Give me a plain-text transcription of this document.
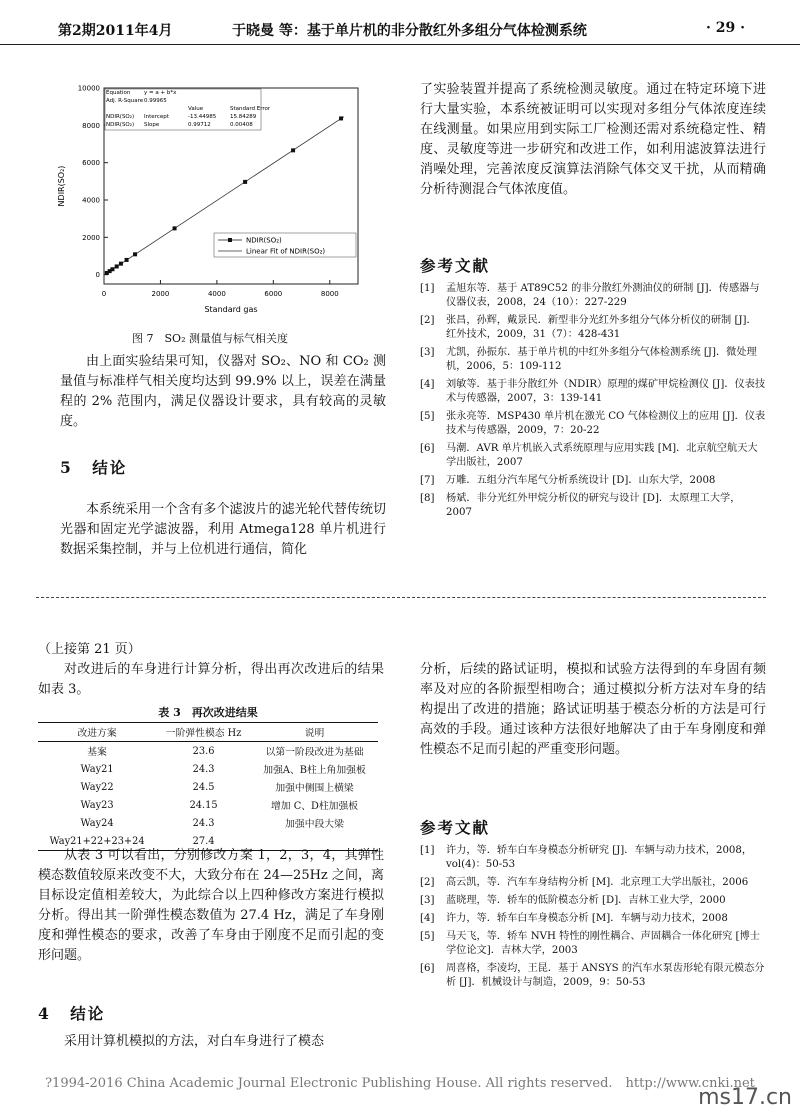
第2期2011年4月	于晓曼 等：基于单片机的非分散红外多组分气体检测系统	· 29 ·
0	2000	4000	6000	8000
0
2000
4000
6000
8000
10000
Standard gas
NDIR(SO₂)
Equation y = a + b*x
Adj. R-Square 0.99965
Value	Standard Error
NDIR(SO₂) Intercept	-13.44985	15.84289
NDIR(SO₂) Slope	0.99712	0.00408
NDIR(SO₂)
Linear Fit of NDIR(SO₂)
图 7　SO₂ 测量值与标气相关度

由上面实验结果可知，仪器对 SO₂、NO 和 CO₂ 测量值与标准样气相关度均达到 99.9% 以上，误差在满量程的 2% 范围内，满足仪器设计要求，具有较高的灵敏度。

5 结论

本系统采用一个含有多个滤波片的滤光轮代替传统切光器和固定光学滤波器，利用 Atmega128 单片机进行数据采集控制，并与上位机进行通信，简化

了实验装置并提高了系统检测灵敏度。通过在特定环境下进行大量实验，本系统被证明可以实现对多组分气体浓度连续在线测量。如果应用到实际工厂检测还需对系统稳定性、精度、灵敏度等进一步研究和改进工作，如利用滤波算法进行消噪处理，完善浓度反演算法消除气体交叉干扰，从而精确分析待测混合气体浓度值。

参考文献
[1] 孟旭东等．基于 AT89C52 的非分散红外测油仪的研制 [J]．传感器与仪器仪表，2008，24（10）：227-229
[2] 张昌，孙辉，戴景民．新型非分光红外多组分气体分析仪的研制 [J]．红外技术，2009，31（7）：428-431
[3] 尤凯，孙振东．基于单片机的中红外多组分气体检测系统 [J]．微处理机，2006，5：109-112
[4] 刘敏等．基于非分散红外（NDIR）原理的煤矿甲烷检测仪 [J]．仪表技术与传感器，2007，3：139-141
[5] 张永亮等．MSP430 单片机在激光 CO 气体检测仪上的应用 [J]．仪表技术与传感器，2009，7：20-22
[6] 马潮．AVR 单片机嵌入式系统原理与应用实践 [M]．北京航空航天大学出版社，2007
[7] 万雕．五组分汽车尾气分析系统设计 [D]．山东大学，2008
[8] 杨斌．非分光红外甲烷分析仪的研究与设计 [D]．太原理工大学，2007
（上接第 21 页）

对改进后的车身进行计算分析，得出再次改进后的结果如表 3。

表 3　再次改进结果
改进方案	一阶弹性模态 Hz	说明
基案	23.6	以第一阶段改进为基础
Way21	24.3	加强A、B柱上角加强板
Way22	24.5	加强中侧围上横梁
Way23	24.15	增加 C、D柱加强板
Way24	24.3	加强中段大梁
Way21+22+23+24	27.4	

从表 3 可以看出，分别修改方案 1，2，3，4，其弹性模态数值较原来改变不大，大致分布在 24—25Hz 之间，离目标设定值相差较大，为此综合以上四种修改方案进行模拟分析。得出其一阶弹性模态数值为 27.4 Hz，满足了车身刚度和弹性模态的要求，改善了车身由于刚度不足而引起的变形问题。

4 结论

采用计算机模拟的方法，对白车身进行了模态

分析，后续的路试证明，模拟和试验方法得到的车身固有频率及对应的各阶振型相吻合；通过模拟分析方法对车身的结构提出了改进的措施；路试证明基于模态分析的方法是可行高效的手段。通过该种方法很好地解决了由于车身刚度和弹性模态不足而引起的严重变形问题。

参考文献
[1] 许力，等．轿车白车身模态分析研究 [J]．车辆与动力技术，2008，vol(4)：50-53
[2] 高云凯，等．汽车车身结构分析 [M]．北京理工大学出版社，2006
[3] 蓝晓理，等．轿车的低阶模态分析 [D]．吉林工业大学，2000
[4] 许力，等．轿车白车身模态分析 [M]．车辆与动力技术，2008
[5] 马天飞，等．轿车 NVH 特性的刚性耦合、声固耦合一体化研究 [博士学位论文]．吉林大学，2003
[6] 周喜格，李凌均，王昆．基于 ANSYS 的汽车水泵齿形轮有限元模态分析 [J]．机械设计与制造，2009，9：50-53
?1994-2016 China Academic Journal Electronic Publishing House. All rights reserved.　http://www.cnki.net
ms17.cn
